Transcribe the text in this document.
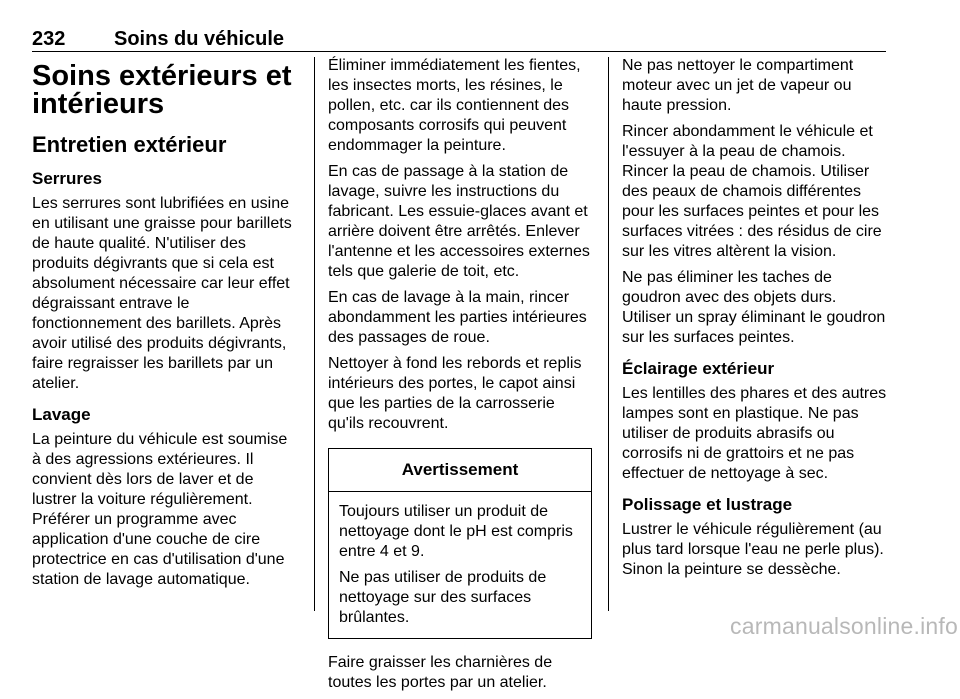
232 Soins du véhicule
Soins extérieurs et intérieurs
Entretien extérieur
Serrures

Les serrures sont lubrifiées en usine en utilisant une graisse pour barillets de haute qualité. N'utiliser des produits dégivrants que si cela est absolument nécessaire car leur effet dégraissant entrave le fonctionnement des barillets. Après avoir utilisé des produits dégivrants, faire regraisser les barillets par un atelier.

Lavage

La peinture du véhicule est soumise à des agressions extérieures. Il convient dès lors de laver et de lustrer la voiture régulièrement. Préférer un programme avec application d'une couche de cire protectrice en cas d'utilisation d'une station de lavage automatique.

Éliminer immédiatement les fientes, les insectes morts, les résines, le pollen, etc. car ils contiennent des composants corrosifs qui peuvent endommager la peinture.

En cas de passage à la station de lavage, suivre les instructions du fabricant. Les essuie-glaces avant et arrière doivent être arrêtés. Enlever l'antenne et les accessoires externes tels que galerie de toit, etc.

En cas de lavage à la main, rincer abondamment les parties intérieures des passages de roue.

Nettoyer à fond les rebords et replis intérieurs des portes, le capot ainsi que les parties de la carrosserie qu'ils recouvrent.

Avertissement

Toujours utiliser un produit de nettoyage dont le pH est compris entre 4 et 9.

Ne pas utiliser de produits de nettoyage sur des surfaces brûlantes.

Faire graisser les charnières de toutes les portes par un atelier.

Ne pas nettoyer le compartiment moteur avec un jet de vapeur ou haute pression.

Rincer abondamment le véhicule et l'essuyer à la peau de chamois. Rincer la peau de chamois. Utiliser des peaux de chamois différentes pour les surfaces peintes et pour les surfaces vitrées : des résidus de cire sur les vitres altèrent la vision.

Ne pas éliminer les taches de goudron avec des objets durs. Utiliser un spray éliminant le goudron sur les surfaces peintes.

Éclairage extérieur

Les lentilles des phares et des autres lampes sont en plastique. Ne pas utiliser de produits abrasifs ou corrosifs ni de grattoirs et ne pas effectuer de nettoyage à sec.

Polissage et lustrage

Lustrer le véhicule régulièrement (au plus tard lorsque l'eau ne perle plus). Sinon la peinture se dessèche.

carmanualsonline.info
